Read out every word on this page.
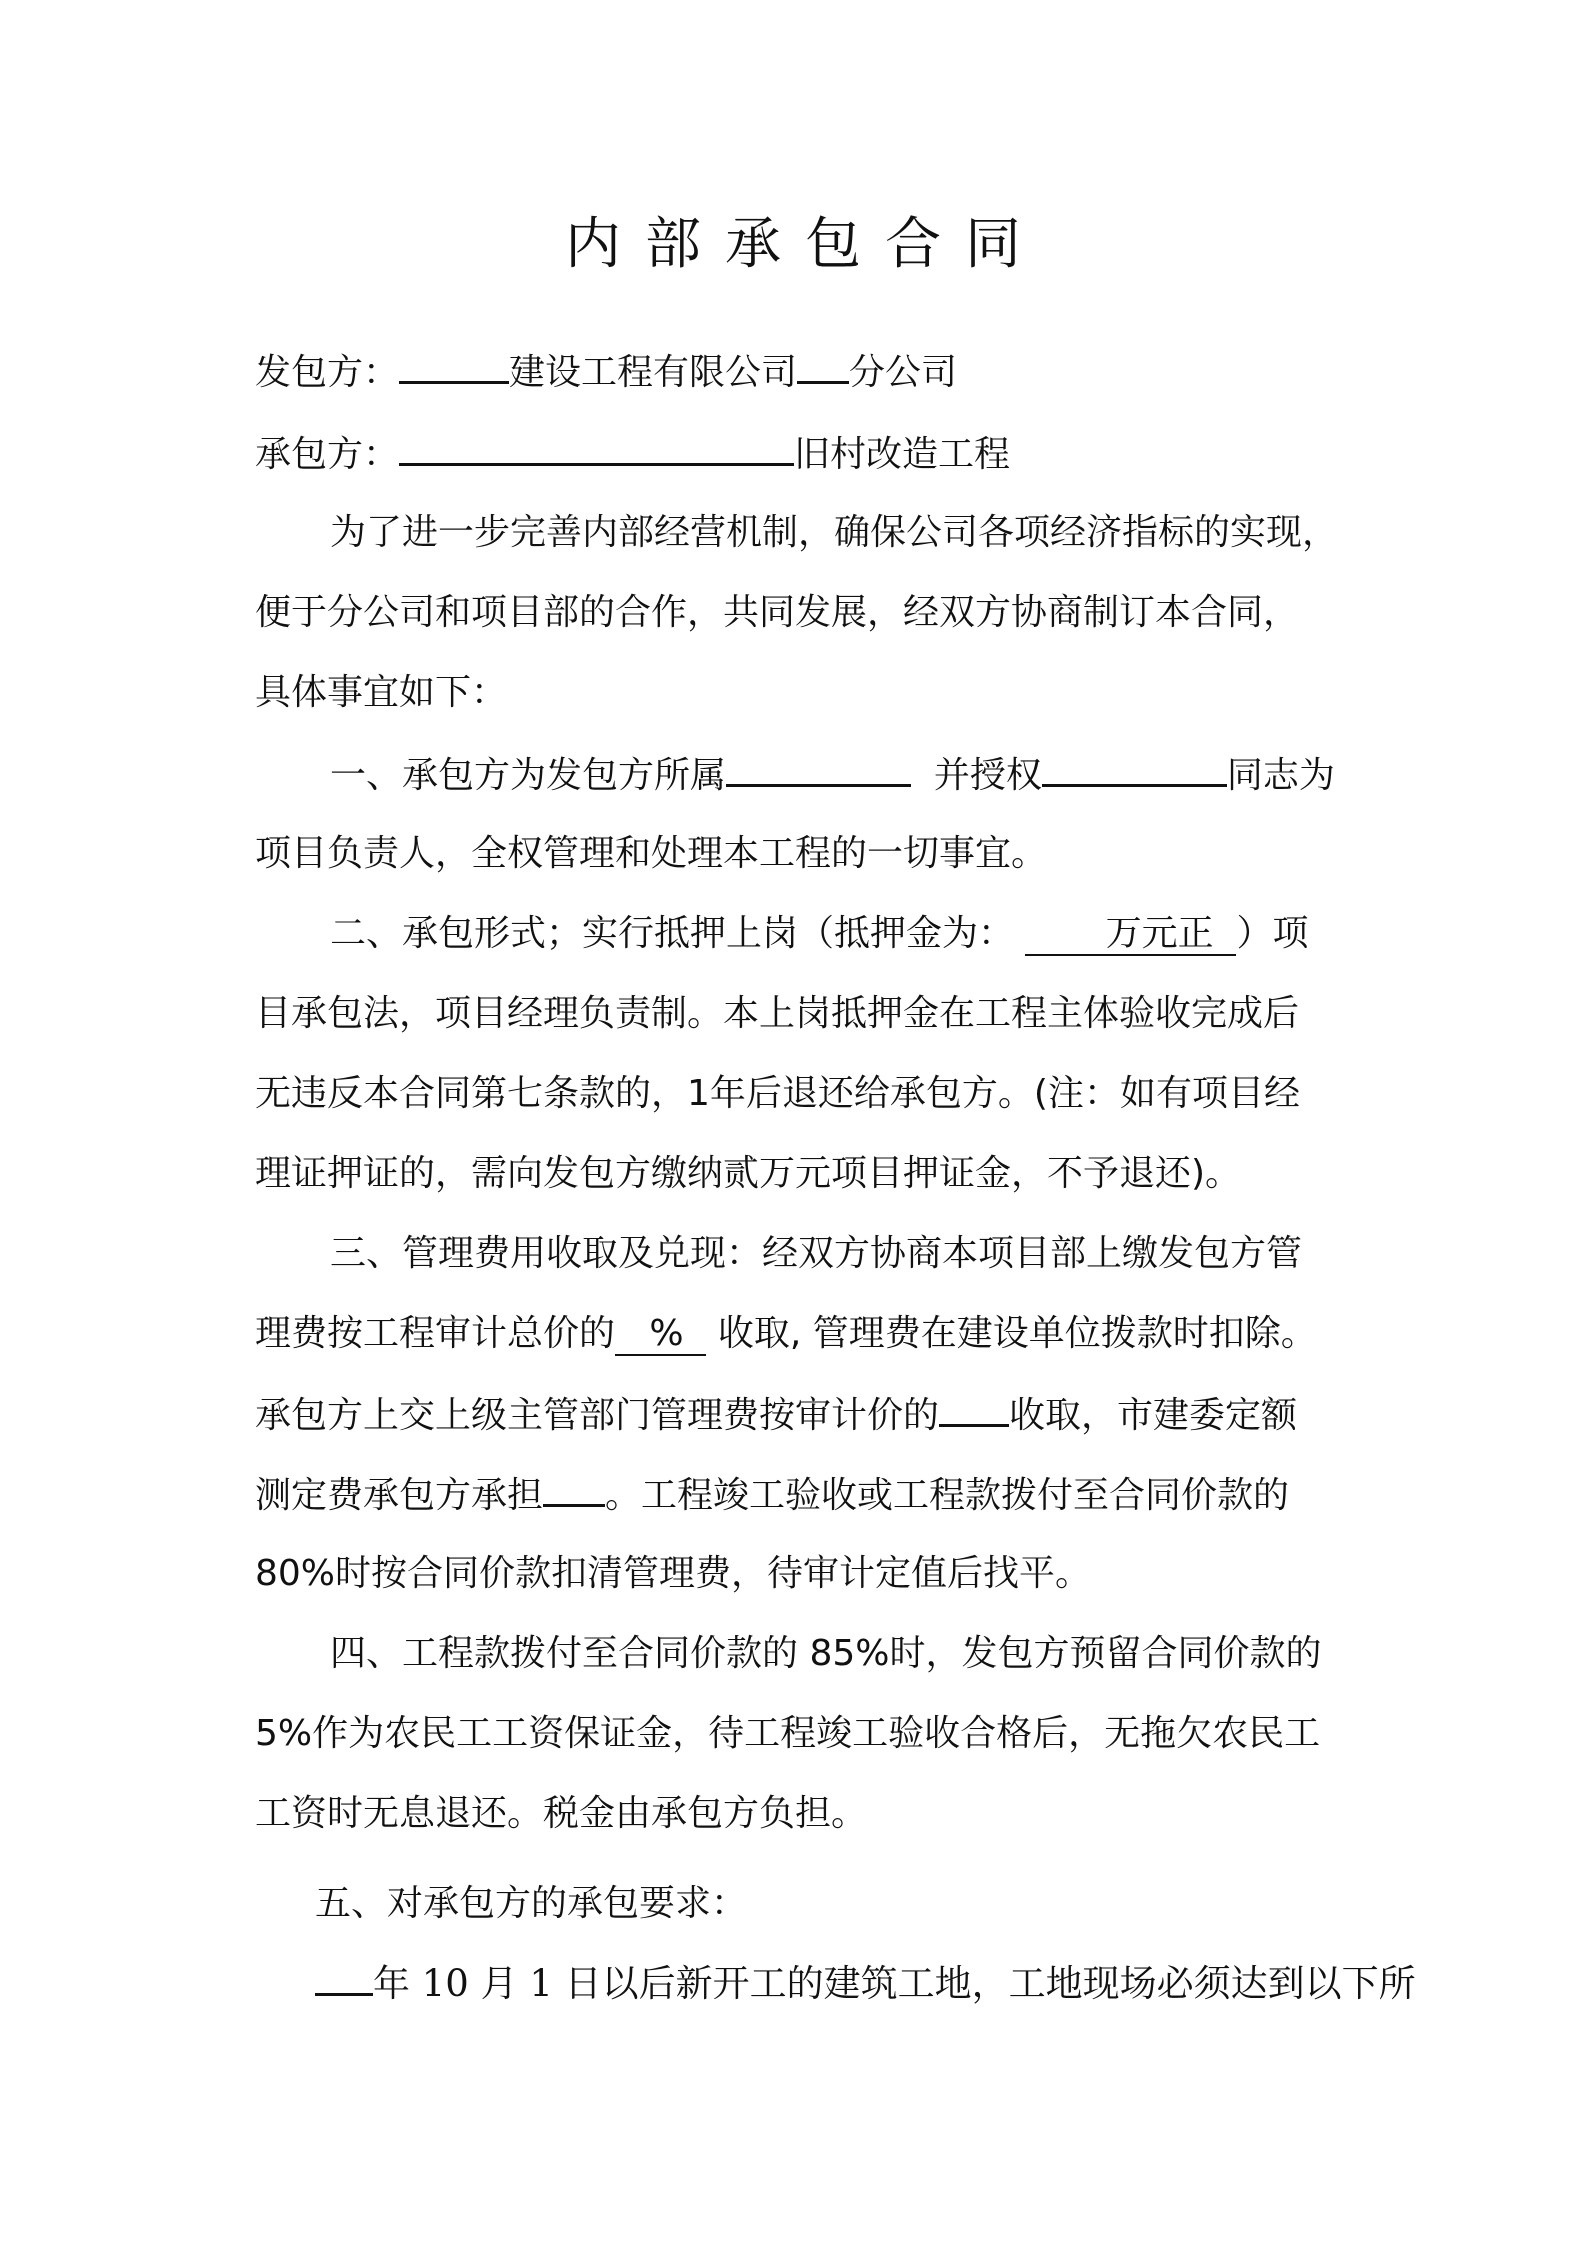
内部承包合同
发包方：	建设工程有限公司 分公司
承包方：	旧村改造工程
为了进一步完善内部经营机制，确保公司各项经济指标的实现，
便于分公司和项目部的合作，共同发展，经双方协商制订本合同，
具体事宜如下：
一、承包方为发包方所属	并授权	同志为
项目负责人，全权管理和处理本工程的一切事宜。
二、承包形式；实行抵押上岗（抵押金为：	万元正 ）项
目承包法，项目经理负责制。本上岗抵押金在工程主体验收完成后
无违反本合同第七条款的，1年后退还给承包方。(注：如有项目经
理证押证的，需向发包方缴纳贰万元项目押证金，不予退还)。
三、管理费用收取及兑现：经双方协商本项目部上缴发包方管
理费按工程审计总价的 % 收取, 管理费在建设单位拨款时扣除。
承包方上交上级主管部门管理费按审计价的 收取，市建委定额
测定费承包方承担 。工程竣工验收或工程款拨付至合同价款的
80%时按合同价款扣清管理费，待审计定值后找平。
四、工程款拨付至合同价款的 85%时，发包方预留合同价款的
5%作为农民工工资保证金，待工程竣工验收合格后，无拖欠农民工
工资时无息退还。税金由承包方负担。
五、对承包方的承包要求：
年 10 月 1 日以后新开工的建筑工地，工地现场必须达到以下所
